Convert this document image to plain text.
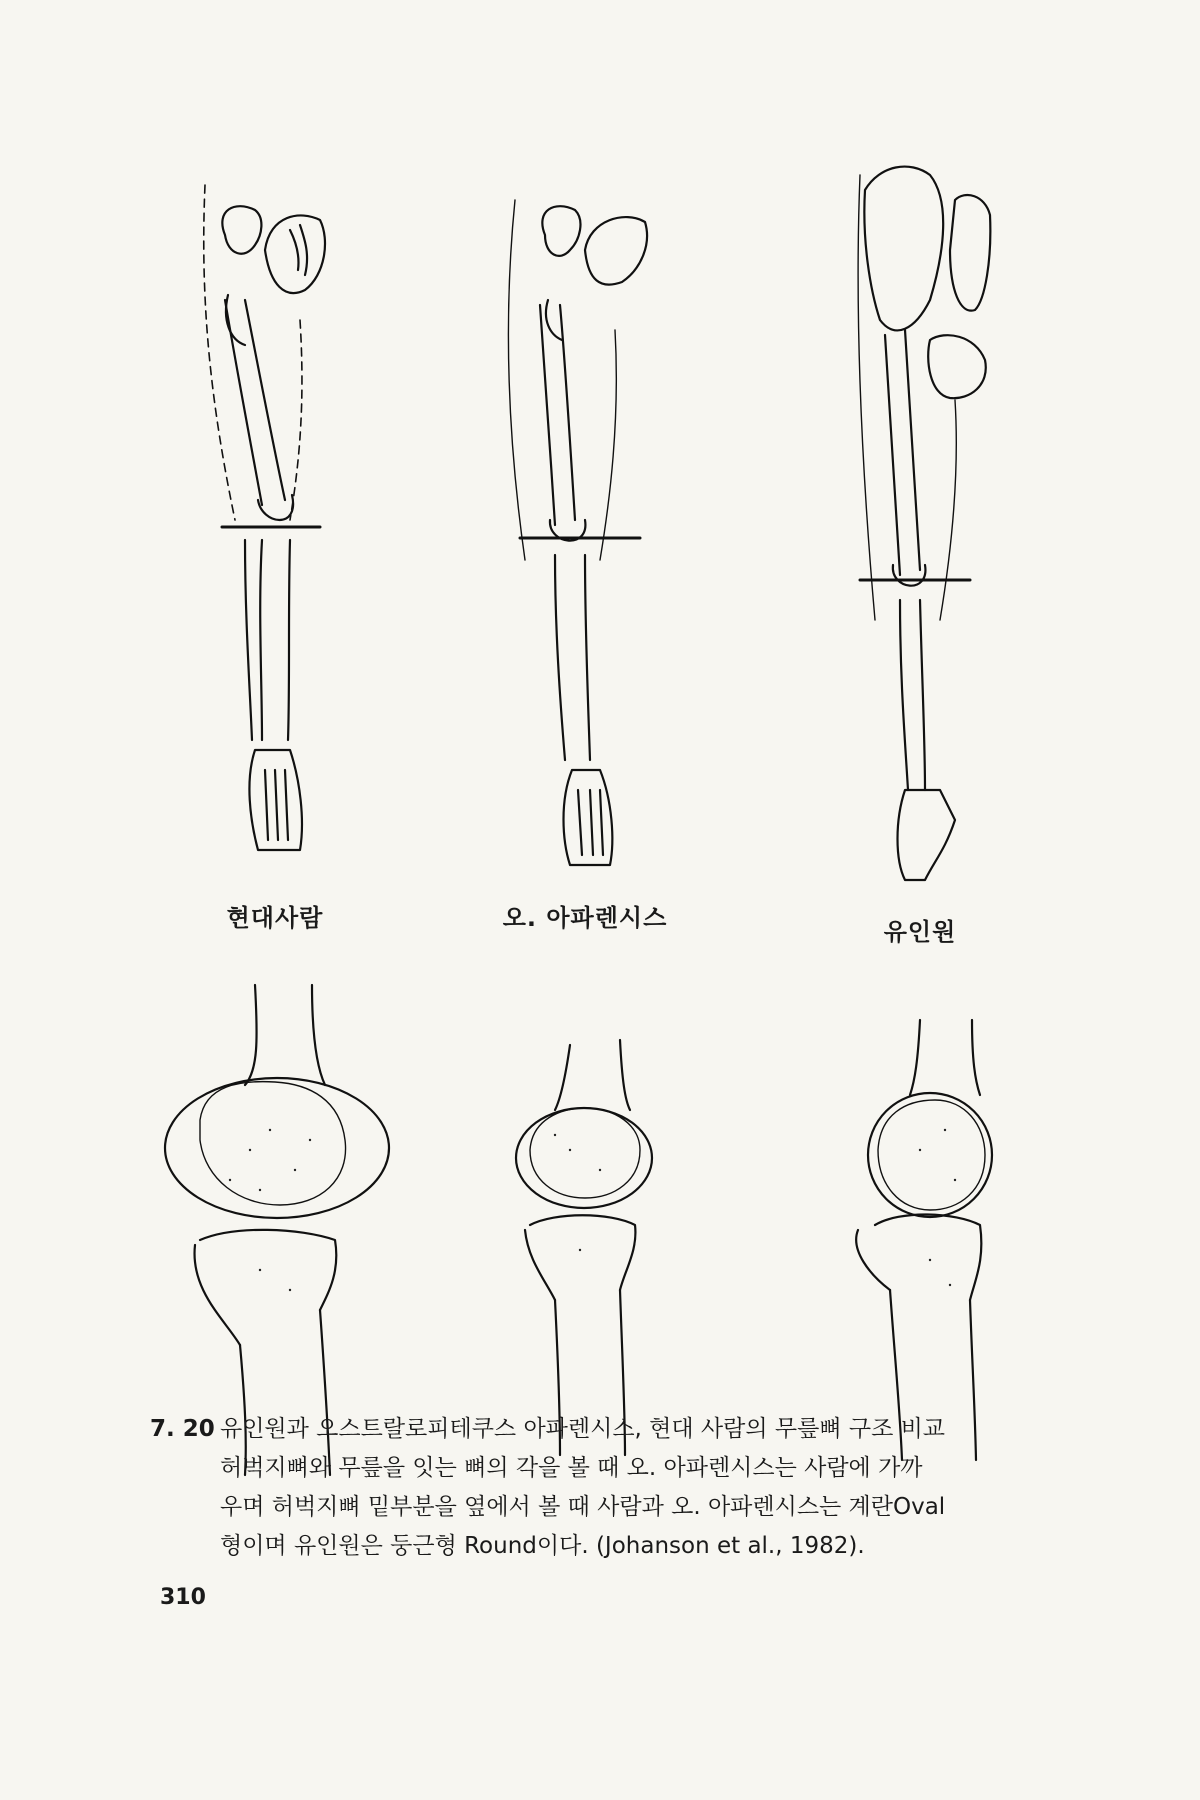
현대사람	오. 아파렌시스	유인원
7. 20 유인원과 오스트랄로피테쿠스 아파렌시스, 현대 사람의 무릎뼈 구조 비교
허벅지뼈와 무릎을 잇는 뼈의 각을 볼 때 오. 아파렌시스는 사람에 가까
우며 허벅지뼈 밑부분을 옆에서 볼 때 사람과 오. 아파렌시스는 계란Oval
형이며 유인원은 둥근형 Round이다. (Johanson et al., 1982).
310
